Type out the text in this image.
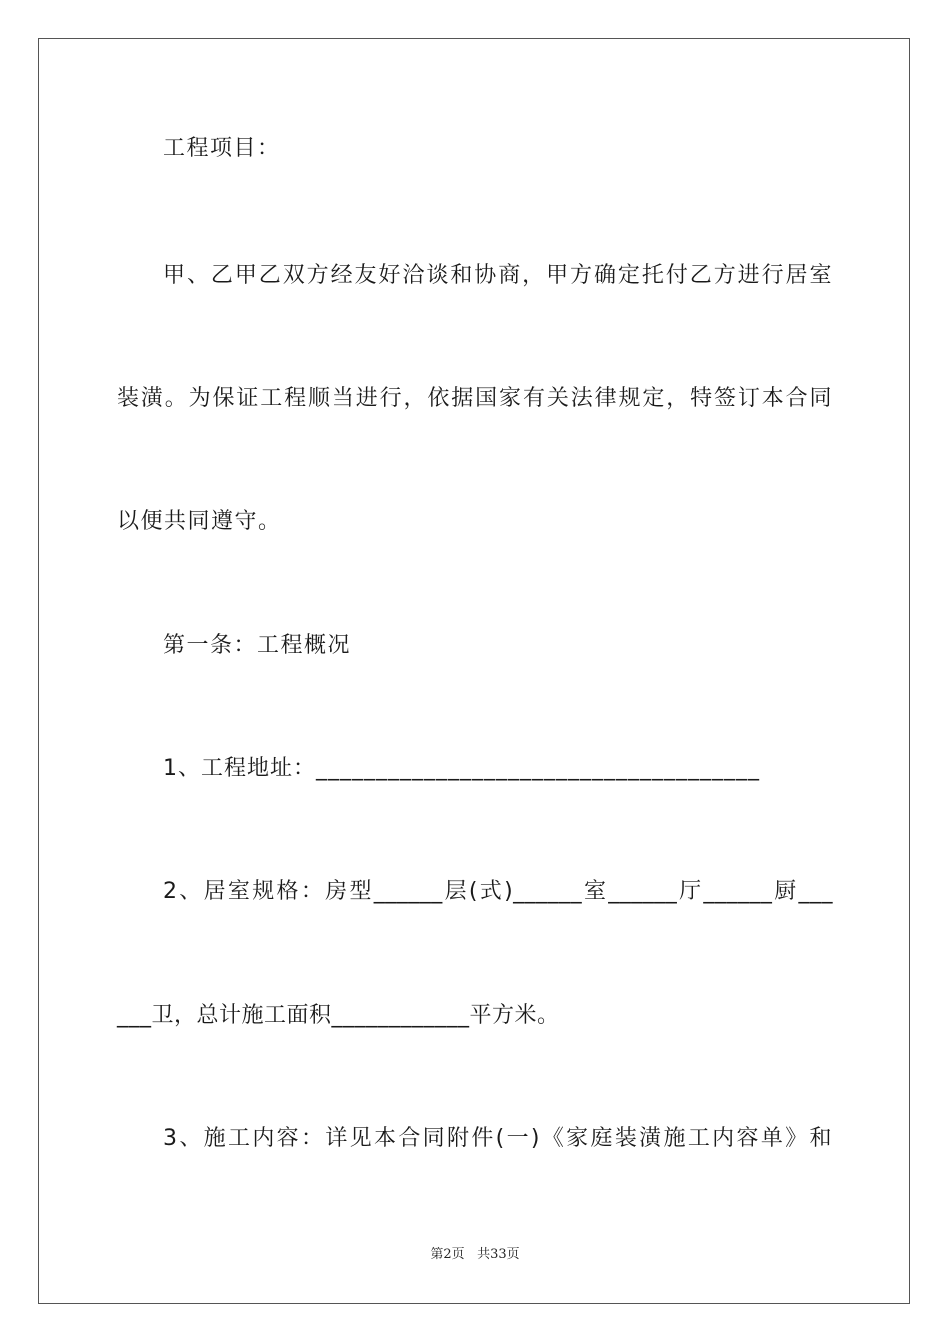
工程项目：
甲、乙甲乙双方经友好洽谈和协商，甲方确定托付乙方进行居室
装潢。为保证工程顺当进行，依据国家有关法律规定，特签订本合同
以便共同遵守。
第一条：工程概况
1、工程地址：_____________________________________
2、居室规格：房型______层(式)______室______厅______厨___
___卫，总计施工面积____________平方米。
3、施工内容：详见本合同附件(一)《家庭装潢施工内容单》和
第2页 共33页
